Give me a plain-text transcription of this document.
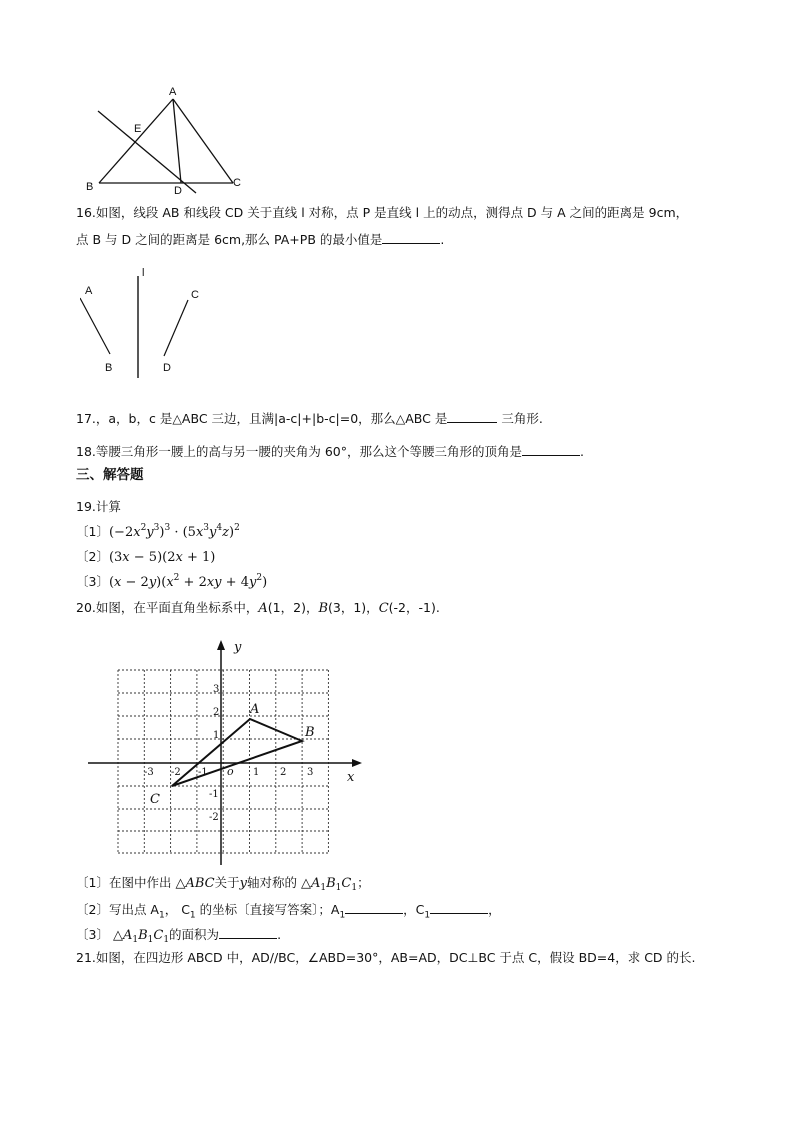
A
E
B	D
C
16.如图，线段 AB 和线段 CD 关于直线 l 对称，点 P 是直线 l 上的动点，测得点 D 与 A 之间的距离是 9cm，
点 B 与 D 之间的距离是 6cm,那么 PA+PB 的最小值是	.
l
A
B
C
D
17.，a，b，c 是△ABC 三边，且满|a-c|+|b-c|=0，那么△ABC 是	三角形.
18.等腰三角形一腰上的高与另一腰的夹角为 60°，那么这个等腰三角形的顶角是	.
三、解答题
19.计算
〔1〕$(-2x^2y^3)^3 \cdot (5x^3y^4z)^2$
〔2〕(3x − 5)(2x + 1)
〔3〕$(x - 2y)(x^2 + 2xy + 4y^2)$
20.如图，在平面直角坐标系中，A(1，2)，B(3，1)，C(-2，-1).
y
x
o
-3 -2 -1	1 2 3
3
2
1
-1
-2
A
B
C
〔1〕在图中作出 △ABC关于y轴对称的 $\triangle A_1B_1C_1$；
〔2〕写出点 $A_1$， $C_1$ 的坐标〔直接写答案〕；$A_1$	，$C_1$	，
〔3〕 $\triangle A_1B_1C_1$的面积为	.
21.如图，在四边形 ABCD 中，AD//BC，∠ABD=30°，AB=AD，DC⊥BC 于点 C，假设 BD=4，求 CD 的长.
